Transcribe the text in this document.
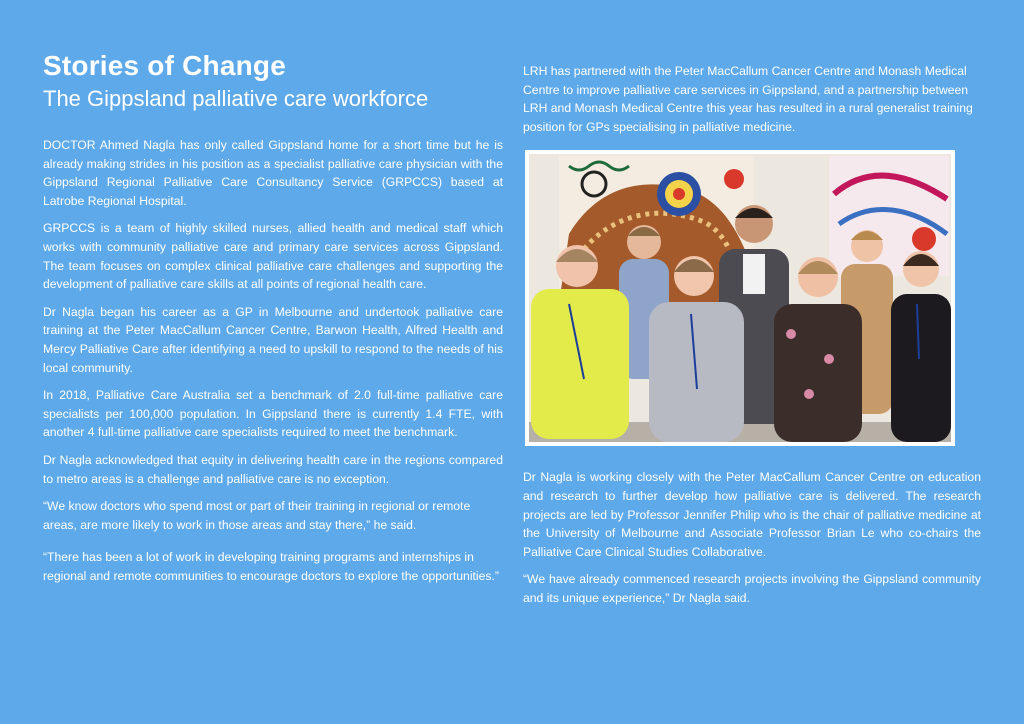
Stories of Change
The Gippsland palliative care workforce

DOCTOR Ahmed Nagla has only called Gippsland home for a short time but he is already making strides in his position as a specialist palliative care physician with the Gippsland Regional Palliative Care Consultancy Service (GRPCCS) based at Latrobe Regional Hospital.

GRPCCS is a team of highly skilled nurses, allied health and medical staff which works with community palliative care and primary care services across Gippsland. The team focuses on complex clinical palliative care challenges and supporting the development of palliative care skills at all points of regional health care.

Dr Nagla began his career as a GP in Melbourne and undertook palliative care training at the Peter MacCallum Cancer Centre, Barwon Health, Alfred Health and Mercy Palliative Care after identifying a need to upskill to respond to the needs of his local community.

In 2018, Palliative Care Australia set a benchmark of 2.0 full-time palliative care specialists per 100,000 population. In Gippsland there is currently 1.4 FTE, with another 4 full-time palliative care specialists required to meet the benchmark.

Dr Nagla acknowledged that equity in delivering health care in the regions compared to metro areas is a challenge and palliative care is no exception.

“We know doctors who spend most or part of their training in regional or remote areas, are more likely to work in those areas and stay there,” he said.

“There has been a lot of work in developing training programs and internships in regional and remote communities to encourage doctors to explore the opportunities.”

LRH has partnered with the Peter MacCallum Cancer Centre and Monash Medical Centre to improve palliative care services in Gippsland, and a partnership between LRH and Monash Medical Centre this year has resulted in a rural generalist training position for GPs specialising in palliative medicine.

Dr Nagla is working closely with the Peter MacCallum Cancer Centre on education and research to further develop how palliative care is delivered. The research projects are led by Professor Jennifer Philip who is the chair of palliative medicine at the University of Melbourne and Associate Professor Brian Le who co-chairs the Palliative Care Clinical Studies Collaborative.

“We have already commenced research projects involving the Gippsland community and its unique experience,” Dr Nagla said.
